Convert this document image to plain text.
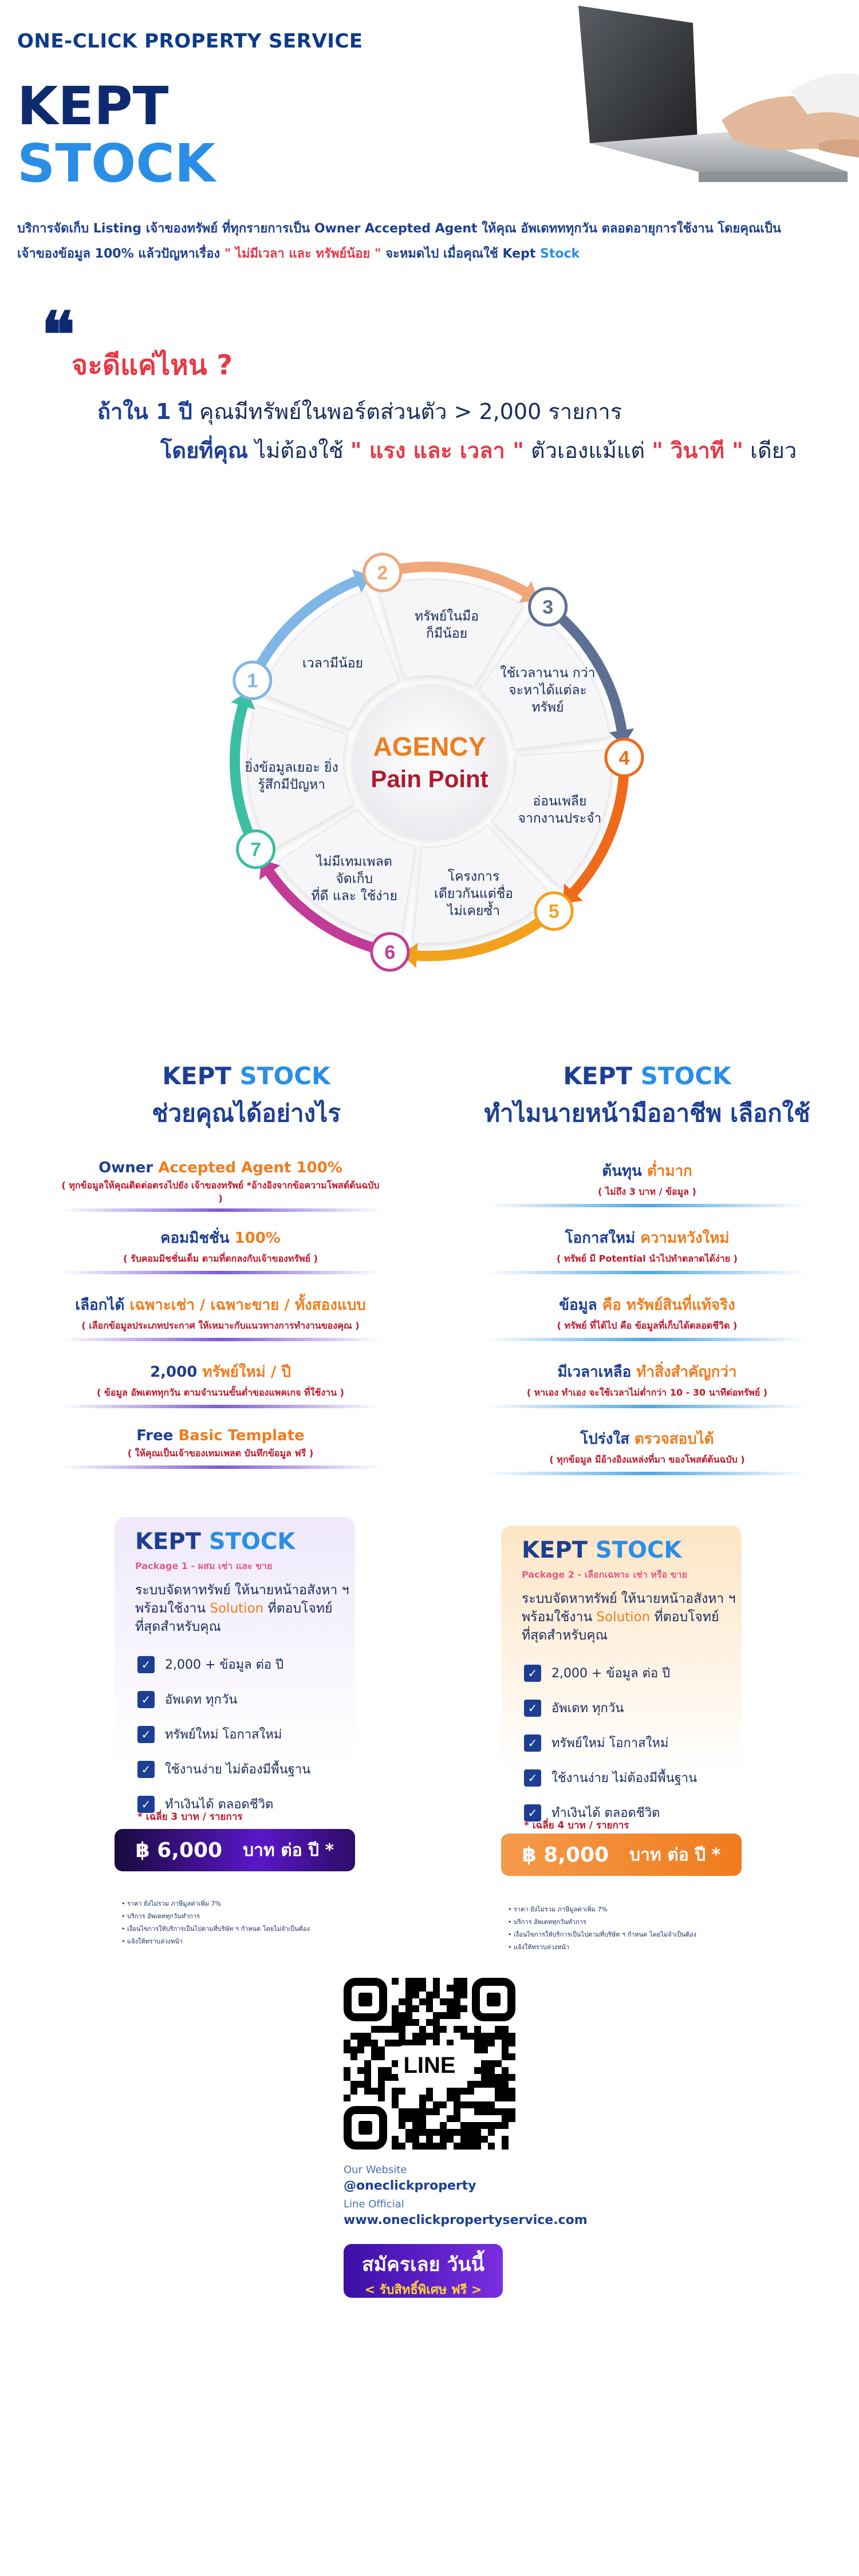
ONE-CLICK PROPERTY SERVICE
KEPT
STOCK
บริการจัดเก็บ Listing เจ้าของทรัพย์ ที่ทุกรายการเป็น Owner Accepted Agent ให้คุณ อัพเดทททุกวัน ตลอดอายุการใช้งาน โดยคุณเป็น
เจ้าของข้อมูล 100% แล้วปัญหาเรื่อง " ไม่มีเวลา และ ทรัพย์น้อย " จะหมดไป เมื่อคุณใช้ Kept Stock
❝
จะดีแค่ไหน ?
ถ้าใน 1 ปี คุณมีทรัพย์ในพอร์ตส่วนตัว > 2,000 รายการ
โดยที่คุณ ไม่ต้องใช้ " แรง และ เวลา " ตัวเองแม้แต่ " วินาที " เดียว
AGENCY
Pain Point
1
เวลามีน้อย
2
ทรัพย์ในมือ
ก็มีน้อย
3
ใช้เวลานาน กว่า
จะหาได้แต่ละ
ทรัพย์
4
อ่อนเพลีย
จากงานประจำ
5
โครงการ
เดียวกันแต่ชื่อ
ไม่เคยซ้ำ
6
ไม่มีเทมเพลต
จัดเก็บ
ที่ดี และ ใช้ง่าย
7
ยิ่งข้อมูลเยอะ ยิ่ง
รู้สึกมีปัญหา
KEPT STOCK
ช่วยคุณได้อย่างไร
Owner Accepted Agent 100%
( ทุกข้อมูลให้คุณติดต่อตรงไปยัง เจ้าของทรัพย์ *อ้างอิงจากข้อความโพสต์ต้นฉบับ )
คอมมิชชั่น 100%
( รับคอมมิชชั่นเต็ม ตามที่ตกลงกับเจ้าของทรัพย์ )
เลือกได้ เฉพาะเช่า / เฉพาะขาย / ทั้งสองแบบ
( เลือกข้อมูลประเภทประกาศ ให้เหมาะกับแนวทางการทำงานของคุณ )
2,000 ทรัพย์ใหม่ / ปี
( ข้อมูล อัพเดททุกวัน ตามจำนวนขั้นต่ำของแพคเกจ ที่ใช้งาน )
Free Basic Template
( ให้คุณเป็นเจ้าของเทมเพลต บันทึกข้อมูล ฟรี )
KEPT STOCK
ทำไมนายหน้ามืออาชีพ เลือกใช้
ต้นทุน ต่ำมาก
( ไม่ถึง 3 บาท / ข้อมูล )
โอกาสใหม่ ความหวังใหม่
( ทรัพย์ มี Potential นำไปทำตลาดได้ง่าย )
ข้อมูล คือ ทรัพย์สินที่แท้จริง
( ทรัพย์ ที่ได้ไป คือ ข้อมูลที่เก็บได้ตลอดชีวิต )
มีเวลาเหลือ ทำสิ่งสำคัญกว่า
( หาเอง ทำเอง จะใช้เวลาไม่ต่ำกว่า 10 - 30 นาทีต่อทรัพย์ )
โปร่งใส ตรวจสอบได้
( ทุกข้อมูล มีอ้างอิงแหล่งที่มา ของโพสต์ต้นฉบับ )
KEPT STOCK
Package 1 - ผสม เช่า และ ขาย
ระบบจัดหาทรัพย์ ให้นายหน้าอสังหา ฯ
พร้อมใช้งาน Solution ที่ตอบโจทย์
ที่สุดสำหรับคุณ
✓	2,000 + ข้อมูล ต่อ ปี
✓	อัพเดท ทุกวัน
✓	ทรัพย์ใหม่ โอกาสใหม่
✓	ใช้งานง่าย ไม่ต้องมีพื้นฐาน
✓	ทำเงินได้ ตลอดชีวิต
* เฉลี่ย 3 บาท / รายการ
฿ 6,000 บาท ต่อ ปี *
• ราคา ยังไม่รวม ภาษีมูลค่าเพิ่ม 7%
• บริการ อัพเดททุกวันทำการ
• เงื่อนไขการให้บริการเป็นไปตามที่บริษัท ฯ กำหนด โดยไม่จำเป็นต้อง
• แจ้งให้ทราบล่วงหน้า
KEPT STOCK
Package 2 - เลือกเฉพาะ เช่า หรือ ขาย
ระบบจัดหาทรัพย์ ให้นายหน้าอสังหา ฯ
พร้อมใช้งาน Solution ที่ตอบโจทย์
ที่สุดสำหรับคุณ
✓	2,000 + ข้อมูล ต่อ ปี
✓	อัพเดท ทุกวัน
✓	ทรัพย์ใหม่ โอกาสใหม่
✓	ใช้งานง่าย ไม่ต้องมีพื้นฐาน
✓	ทำเงินได้ ตลอดชีวิต
* เฉลี่ย 4 บาท / รายการ
฿ 8,000 บาท ต่อ ปี *
• ราคา ยังไม่รวม ภาษีมูลค่าเพิ่ม 7%
• บริการ อัพเดททุกวันทำการ
• เงื่อนไขการให้บริการเป็นไปตามที่บริษัท ฯ กำหนด โดยไม่จำเป็นต้อง
• แจ้งให้ทราบล่วงหน้า
LINE
Our Website
@oneclickproperty
Line Official
www.oneclickpropertyservice.com
สมัครเลย วันนี้
< รับสิทธิ์พิเศษ ฟรี >
